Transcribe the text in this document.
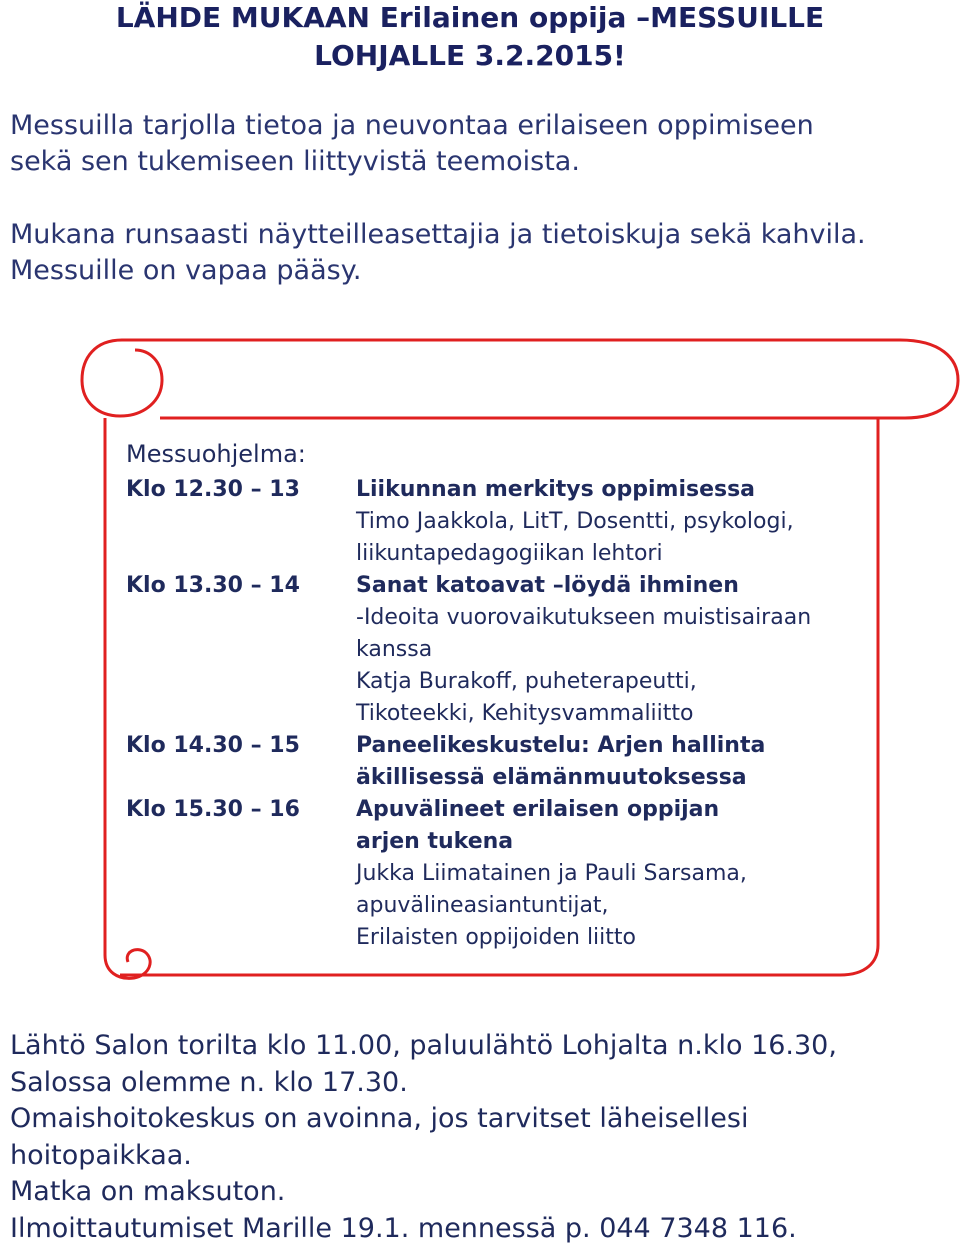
LÄHDE MUKAAN Erilainen oppija –MESSUILLE
LOHJALLE 3.2.2015!
Messuilla tarjolla tietoa ja neuvontaa erilaiseen oppimiseen
sekä sen tukemiseen liittyvistä teemoista.
Mukana runsaasti näytteilleasettajia ja tietoiskuja sekä kahvila.
Messuille on vapaa pääsy.
Messuohjelma:
Klo 12.30 – 13	Liikunnan merkitys oppimisessa
Timo Jaakkola, LitT, Dosentti, psykologi,
liikuntapedagogiikan lehtori
Klo 13.30 – 14	Sanat katoavat –löydä ihminen
-Ideoita vuorovaikutukseen muistisairaan
kanssa
Katja Burakoff, puheterapeutti,
Tikoteekki, Kehitysvammaliitto
Klo 14.30 – 15	Paneelikeskustelu: Arjen hallinta
äkillisessä elämänmuutoksessa
Klo 15.30 – 16	Apuvälineet erilaisen oppijan
arjen tukena
Jukka Liimatainen ja Pauli Sarsama,
apuvälineasiantuntijat,
Erilaisten oppijoiden liitto
Lähtö Salon torilta klo 11.00, paluulähtö Lohjalta n.klo 16.30,
Salossa olemme n. klo 17.30.
Omaishoitokeskus on avoinna, jos tarvitset läheisellesi
hoitopaikkaa.
Matka on maksuton.
Ilmoittautumiset Marille 19.1. mennessä p. 044 7348 116.
